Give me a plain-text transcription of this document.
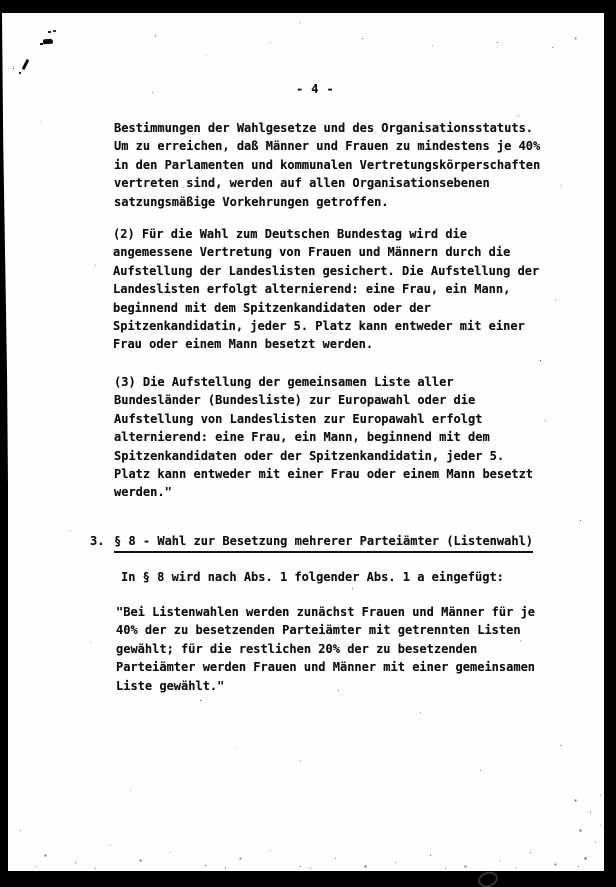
- 4 -
Bestimmungen der Wahlgesetze und des Organisationsstatuts.
Um zu erreichen, daß Männer und Frauen zu mindestens je 40%
in den Parlamenten und kommunalen Vertretungskörperschaften
vertreten sind, werden auf allen Organisationsebenen
satzungsmäßige Vorkehrungen getroffen.
(2) Für die Wahl zum Deutschen Bundestag wird die
angemessene Vertretung von Frauen und Männern durch die
Aufstellung der Landeslisten gesichert. Die Aufstellung der
Landeslisten erfolgt alternierend: eine Frau, ein Mann,
beginnend mit dem Spitzenkandidaten oder der
Spitzenkandidatin, jeder 5. Platz kann entweder mit einer
Frau oder einem Mann besetzt werden.
(3) Die Aufstellung der gemeinsamen Liste aller
Bundesländer (Bundesliste) zur Europawahl oder die
Aufstellung von Landeslisten zur Europawahl erfolgt
alternierend: eine Frau, ein Mann, beginnend mit dem
Spitzenkandidaten oder der Spitzenkandidatin, jeder 5.
Platz kann entweder mit einer Frau oder einem Mann besetzt
werden."
3. § 8 - Wahl zur Besetzung mehrerer Parteiämter (Listenwahl)
In § 8 wird nach Abs. 1 folgender Abs. 1 a eingefügt:
"Bei Listenwahlen werden zunächst Frauen und Männer für je
40% der zu besetzenden Parteiämter mit getrennten Listen
gewählt; für die restlichen 20% der zu besetzenden
Parteiämter werden Frauen und Männer mit einer gemeinsamen
Liste gewählt."
